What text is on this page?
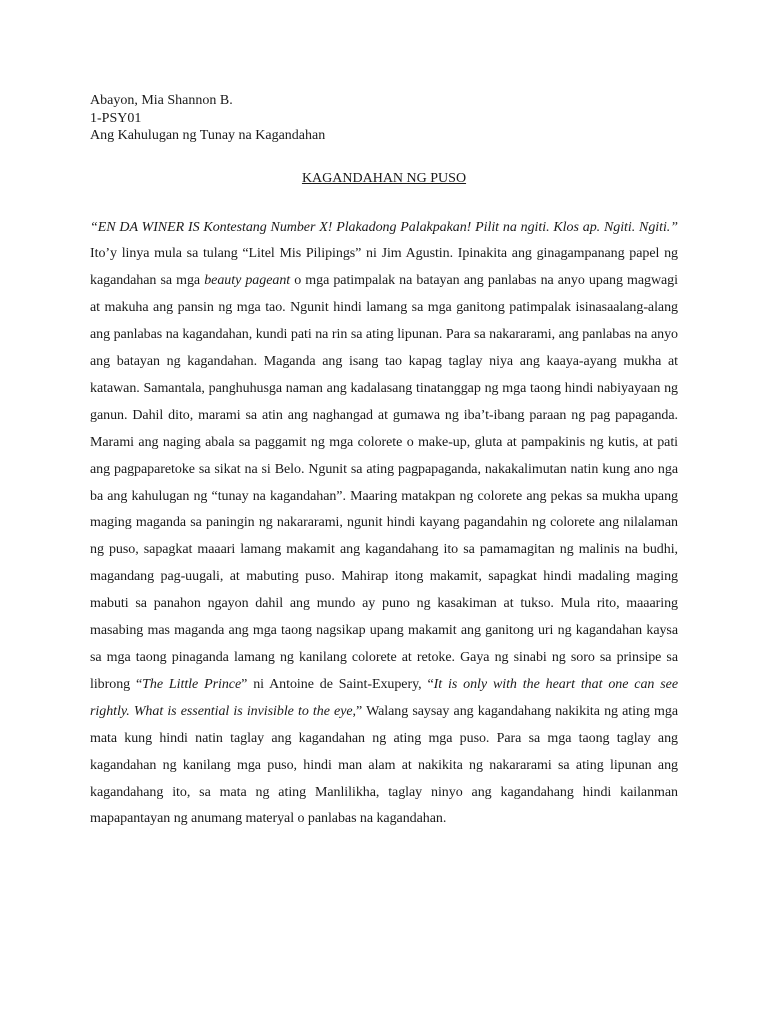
Abayon, Mia Shannon B.

1-PSY01

Ang Kahulugan ng Tunay na Kagandahan

KAGANDAHAN NG PUSO

“EN DA WINER IS Kontestang Number X! Plakadong Palakpakan! Pilit na ngiti. Klos ap. Ngiti. Ngiti.” Ito’y linya mula sa tulang “Litel Mis Pilipings” ni Jim Agustin. Ipinakita ang ginagampanang papel ng kagandahan sa mga beauty pageant o mga patimpalak na batayan ang panlabas na anyo upang magwagi at makuha ang pansin ng mga tao. Ngunit hindi lamang sa mga ganitong patimpalak isinasaalang-alang ang panlabas na kagandahan, kundi pati na rin sa ating lipunan. Para sa nakararami, ang panlabas na anyo ang batayan ng kagandahan. Maganda ang isang tao kapag taglay niya ang kaaya-ayang mukha at katawan. Samantala, panghuhusga naman ang kadalasang tinatanggap ng mga taong hindi nabiyayaan ng ganun. Dahil dito, marami sa atin ang naghangad at gumawa ng iba’t-ibang paraan ng pag papaganda. Marami ang naging abala sa paggamit ng mga colorete o make-up, gluta at pampakinis ng kutis, at pati ang pagpaparetoke sa sikat na si Belo. Ngunit sa ating pagpapaganda, nakakalimutan natin kung ano nga ba ang kahulugan ng “tunay na kagandahan”. Maaring matakpan ng colorete ang pekas sa mukha upang maging maganda sa paningin ng nakararami, ngunit hindi kayang pagandahin ng colorete ang nilalaman ng puso, sapagkat maaari lamang makamit ang kagandahang ito sa pamamagitan ng malinis na budhi, magandang pag-uugali, at mabuting puso. Mahirap itong makamit, sapagkat hindi madaling maging mabuti sa panahon ngayon dahil ang mundo ay puno ng kasakiman at tukso. Mula rito, maaaring masabing mas maganda ang mga taong nagsikap upang makamit ang ganitong uri ng kagandahan kaysa sa mga taong pinaganda lamang ng kanilang colorete at retoke. Gaya ng sinabi ng soro sa prinsipe sa librong “The Little Prince” ni Antoine de Saint-Exupery, “It is only with the heart that one can see rightly. What is essential is invisible to the eye,” Walang saysay ang kagandahang nakikita ng ating mga mata kung hindi natin taglay ang kagandahan ng ating mga puso. Para sa mga taong taglay ang kagandahan ng kanilang mga puso, hindi man alam at nakikita ng nakararami sa ating lipunan ang kagandahang ito, sa mata ng ating Manlilikha, taglay ninyo ang kagandahang hindi kailanman mapapantayan ng anumang materyal o panlabas na kagandahan.
